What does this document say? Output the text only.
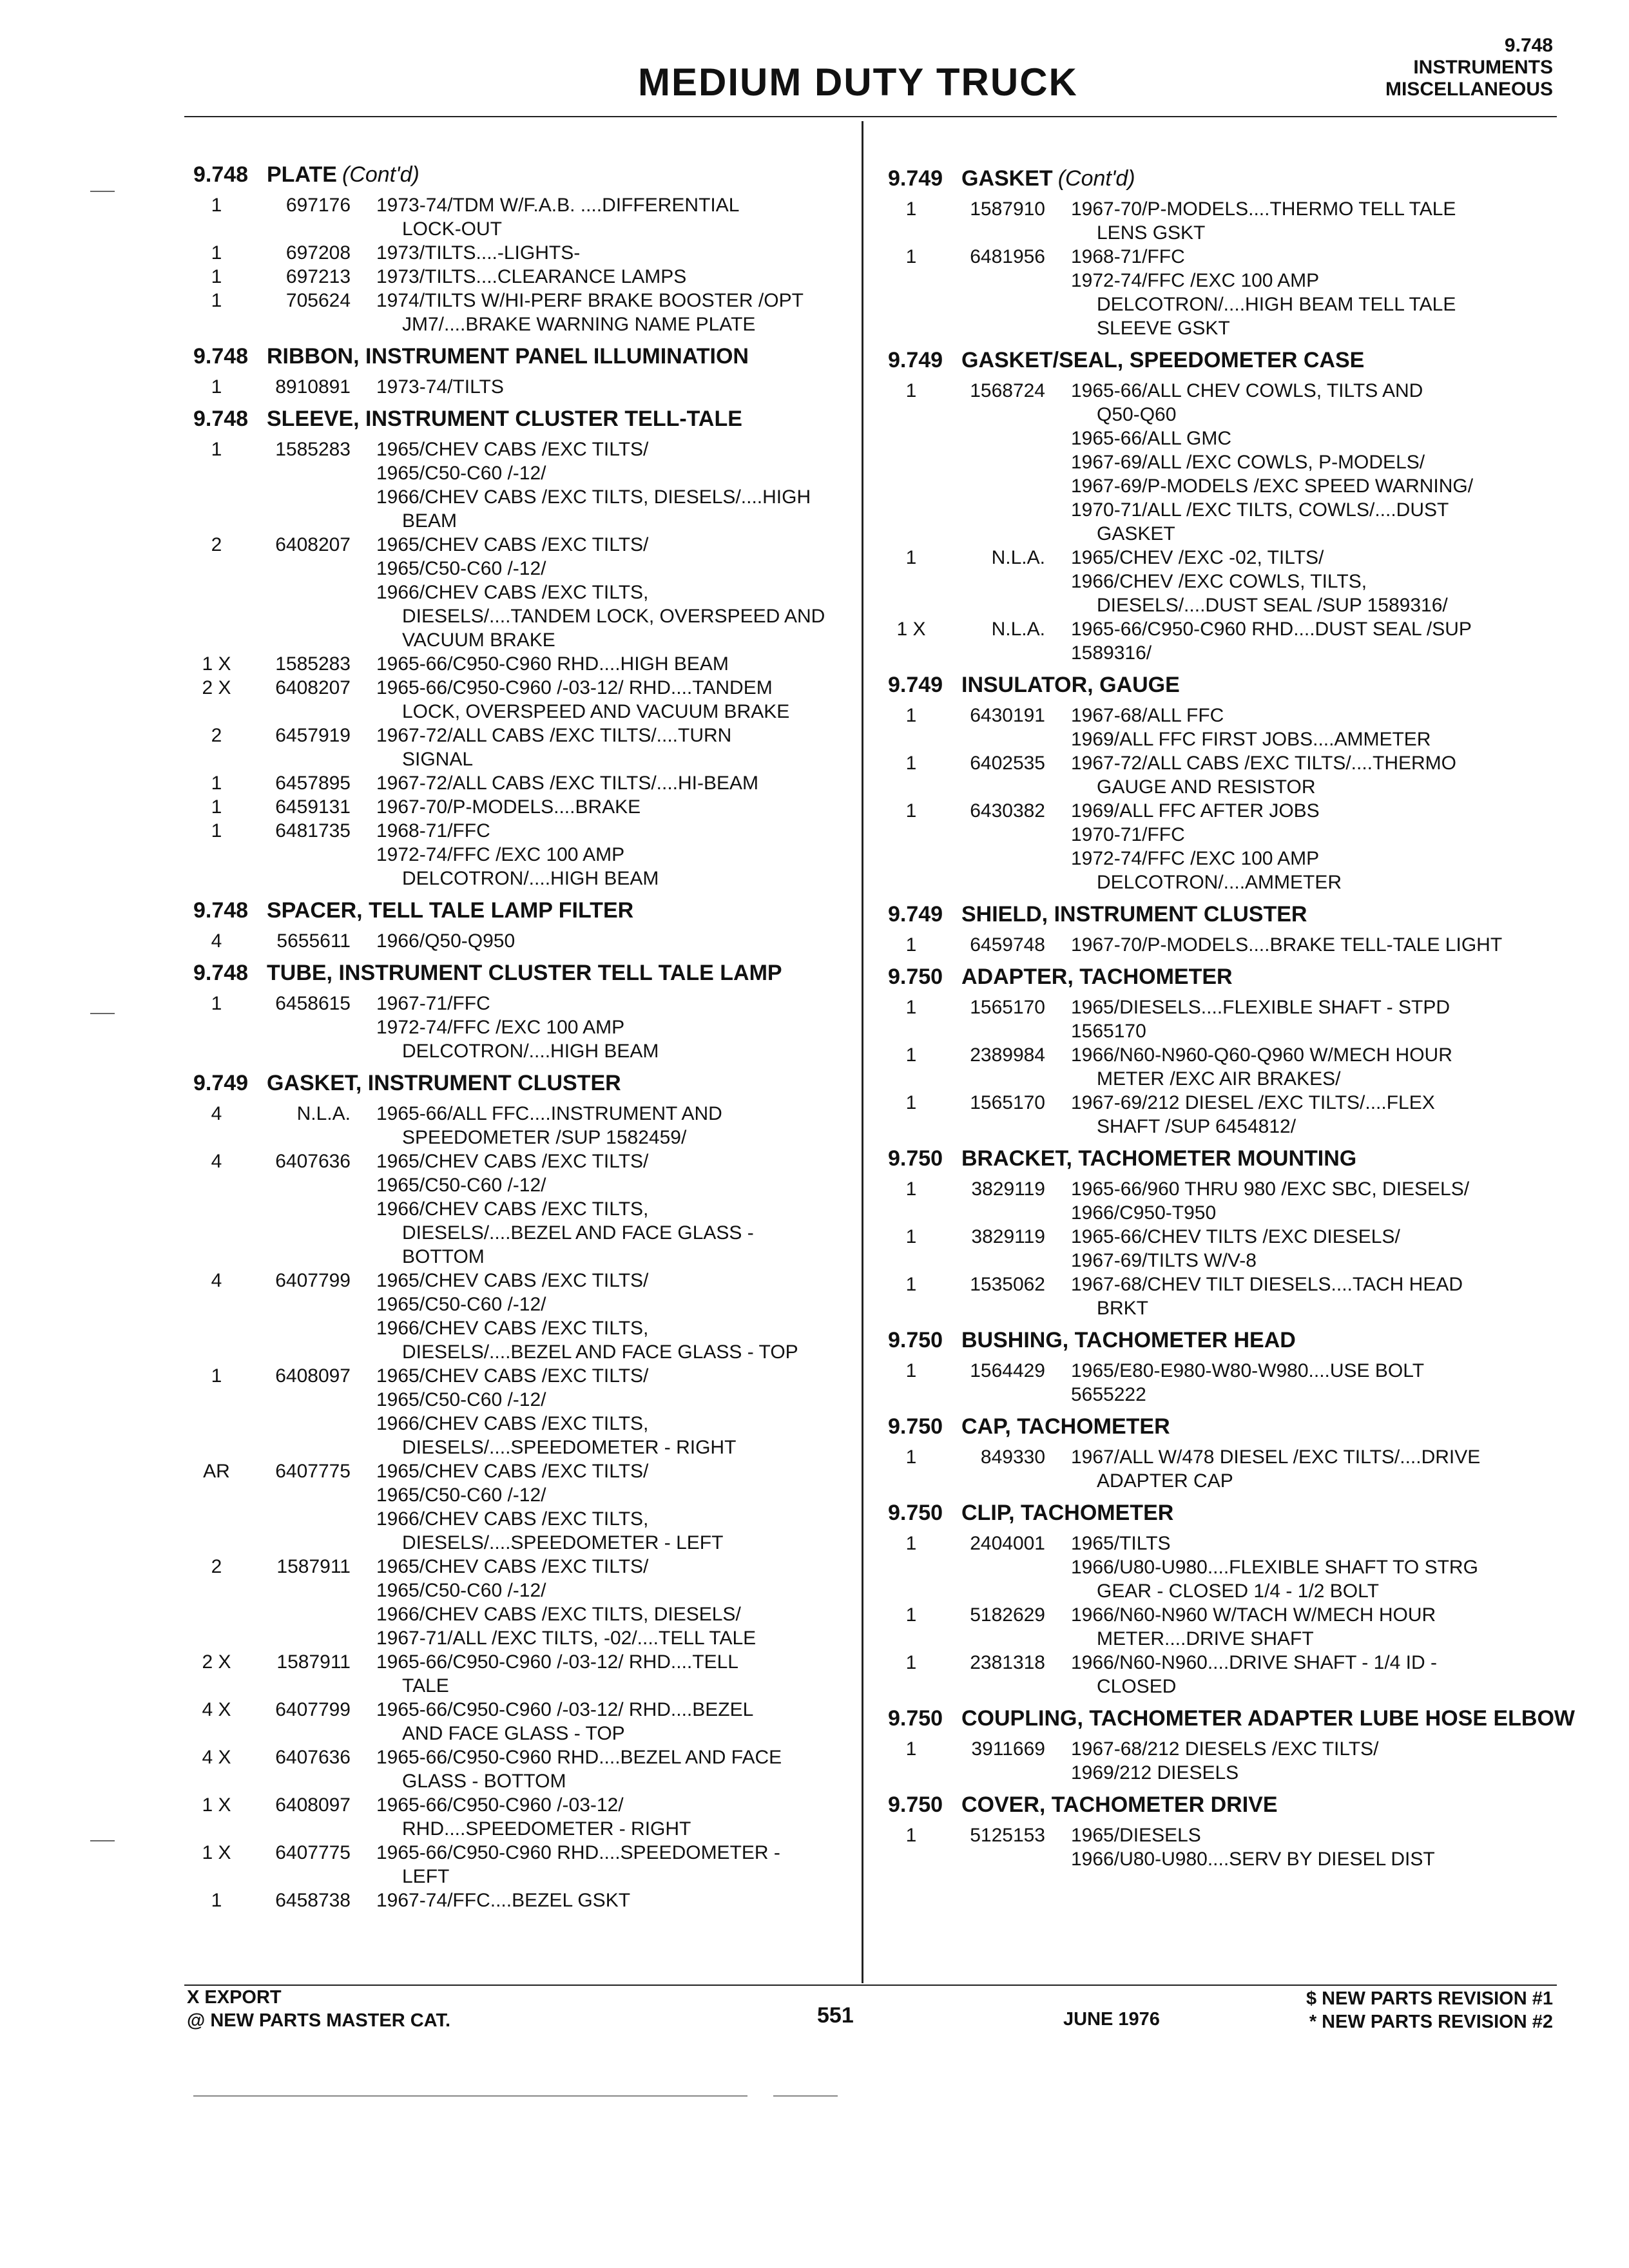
MEDIUM DUTY TRUCK
9.748
INSTRUMENTS
MISCELLANEOUS
9.748 PLATE (Cont'd)
1	697176	1973-74/TDM W/F.A.B. ....DIFFERENTIAL
LOCK-OUT
1	697208	1973/TILTS....-LIGHTS-
1	697213	1973/TILTS....CLEARANCE LAMPS
1	705624	1974/TILTS W/HI-PERF BRAKE BOOSTER /OPT
JM7/....BRAKE WARNING NAME PLATE
9.748 RIBBON, INSTRUMENT PANEL ILLUMINATION
1	8910891	1973-74/TILTS
9.748 SLEEVE, INSTRUMENT CLUSTER TELL-TALE
1	1585283	1965/CHEV CABS /EXC TILTS/
1965/C50-C60 /-12/
1966/CHEV CABS /EXC TILTS, DIESELS/....HIGH
BEAM
2	6408207	1965/CHEV CABS /EXC TILTS/
1965/C50-C60 /-12/
1966/CHEV CABS /EXC TILTS,
DIESELS/....TANDEM LOCK, OVERSPEED AND
VACUUM BRAKE
1 X	1585283	1965-66/C950-C960 RHD....HIGH BEAM
2 X	6408207	1965-66/C950-C960 /-03-12/ RHD....TANDEM
LOCK, OVERSPEED AND VACUUM BRAKE
2	6457919	1967-72/ALL CABS /EXC TILTS/....TURN
SIGNAL
1	6457895	1967-72/ALL CABS /EXC TILTS/....HI-BEAM
1	6459131	1967-70/P-MODELS....BRAKE
1	6481735	1968-71/FFC
1972-74/FFC /EXC 100 AMP
DELCOTRON/....HIGH BEAM
9.748 SPACER, TELL TALE LAMP FILTER
4	5655611	1966/Q50-Q950
9.748 TUBE, INSTRUMENT CLUSTER TELL TALE LAMP
1	6458615	1967-71/FFC
1972-74/FFC /EXC 100 AMP
DELCOTRON/....HIGH BEAM
9.749 GASKET, INSTRUMENT CLUSTER
4	N.L.A.	1965-66/ALL FFC....INSTRUMENT AND
SPEEDOMETER /SUP 1582459/
4	6407636	1965/CHEV CABS /EXC TILTS/
1965/C50-C60 /-12/
1966/CHEV CABS /EXC TILTS,
DIESELS/....BEZEL AND FACE GLASS -
BOTTOM
4	6407799	1965/CHEV CABS /EXC TILTS/
1965/C50-C60 /-12/
1966/CHEV CABS /EXC TILTS,
DIESELS/....BEZEL AND FACE GLASS - TOP
1	6408097	1965/CHEV CABS /EXC TILTS/
1965/C50-C60 /-12/
1966/CHEV CABS /EXC TILTS,
DIESELS/....SPEEDOMETER - RIGHT
AR	6407775	1965/CHEV CABS /EXC TILTS/
1965/C50-C60 /-12/
1966/CHEV CABS /EXC TILTS,
DIESELS/....SPEEDOMETER - LEFT
2	1587911	1965/CHEV CABS /EXC TILTS/
1965/C50-C60 /-12/
1966/CHEV CABS /EXC TILTS, DIESELS/
1967-71/ALL /EXC TILTS, -02/....TELL TALE
2 X	1587911	1965-66/C950-C960 /-03-12/ RHD....TELL
TALE
4 X	6407799	1965-66/C950-C960 /-03-12/ RHD....BEZEL
AND FACE GLASS - TOP
4 X	6407636	1965-66/C950-C960 RHD....BEZEL AND FACE
GLASS - BOTTOM
1 X	6408097	1965-66/C950-C960 /-03-12/
RHD....SPEEDOMETER - RIGHT
1 X	6407775	1965-66/C950-C960 RHD....SPEEDOMETER -
LEFT
1	6458738	1967-74/FFC....BEZEL GSKT
9.749 GASKET (Cont'd)
1	1587910	1967-70/P-MODELS....THERMO TELL TALE
LENS GSKT
1	6481956	1968-71/FFC
1972-74/FFC /EXC 100 AMP
DELCOTRON/....HIGH BEAM TELL TALE
SLEEVE GSKT
9.749 GASKET/SEAL, SPEEDOMETER CASE
1	1568724	1965-66/ALL CHEV COWLS, TILTS AND
Q50-Q60
1965-66/ALL GMC
1967-69/ALL /EXC COWLS, P-MODELS/
1967-69/P-MODELS /EXC SPEED WARNING/
1970-71/ALL /EXC TILTS, COWLS/....DUST
GASKET
1	N.L.A.	1965/CHEV /EXC -02, TILTS/
1966/CHEV /EXC COWLS, TILTS,
DIESELS/....DUST SEAL /SUP 1589316/
1 X	N.L.A.	1965-66/C950-C960 RHD....DUST SEAL /SUP
1589316/
9.749 INSULATOR, GAUGE
1	6430191	1967-68/ALL FFC
1969/ALL FFC FIRST JOBS....AMMETER
1	6402535	1967-72/ALL CABS /EXC TILTS/....THERMO
GAUGE AND RESISTOR
1	6430382	1969/ALL FFC AFTER JOBS
1970-71/FFC
1972-74/FFC /EXC 100 AMP
DELCOTRON/....AMMETER
9.749 SHIELD, INSTRUMENT CLUSTER
1	6459748	1967-70/P-MODELS....BRAKE TELL-TALE LIGHT
9.750 ADAPTER, TACHOMETER
1	1565170	1965/DIESELS....FLEXIBLE SHAFT - STPD
1565170
1	2389984	1966/N60-N960-Q60-Q960 W/MECH HOUR
METER /EXC AIR BRAKES/
1	1565170	1967-69/212 DIESEL /EXC TILTS/....FLEX
SHAFT /SUP 6454812/
9.750 BRACKET, TACHOMETER MOUNTING
1	3829119	1965-66/960 THRU 980 /EXC SBC, DIESELS/
1966/C950-T950
1	3829119	1965-66/CHEV TILTS /EXC DIESELS/
1967-69/TILTS W/V-8
1	1535062	1967-68/CHEV TILT DIESELS....TACH HEAD
BRKT
9.750 BUSHING, TACHOMETER HEAD
1	1564429	1965/E80-E980-W80-W980....USE BOLT
5655222
9.750 CAP, TACHOMETER
1	849330	1967/ALL W/478 DIESEL /EXC TILTS/....DRIVE
ADAPTER CAP
9.750 CLIP, TACHOMETER
1	2404001	1965/TILTS
1966/U80-U980....FLEXIBLE SHAFT TO STRG
GEAR - CLOSED 1/4 - 1/2 BOLT
1	5182629	1966/N60-N960 W/TACH W/MECH HOUR
METER....DRIVE SHAFT
1	2381318	1966/N60-N960....DRIVE SHAFT - 1/4 ID -
CLOSED
9.750 COUPLING, TACHOMETER ADAPTER LUBE HOSE ELBOW
1	3911669	1967-68/212 DIESELS /EXC TILTS/
1969/212 DIESELS
9.750 COVER, TACHOMETER DRIVE
1	5125153	1965/DIESELS
1966/U80-U980....SERV BY DIESEL DIST
X EXPORT
@ NEW PARTS MASTER CAT.	551	JUNE 1976
$ NEW PARTS REVISION #1
* NEW PARTS REVISION #2
